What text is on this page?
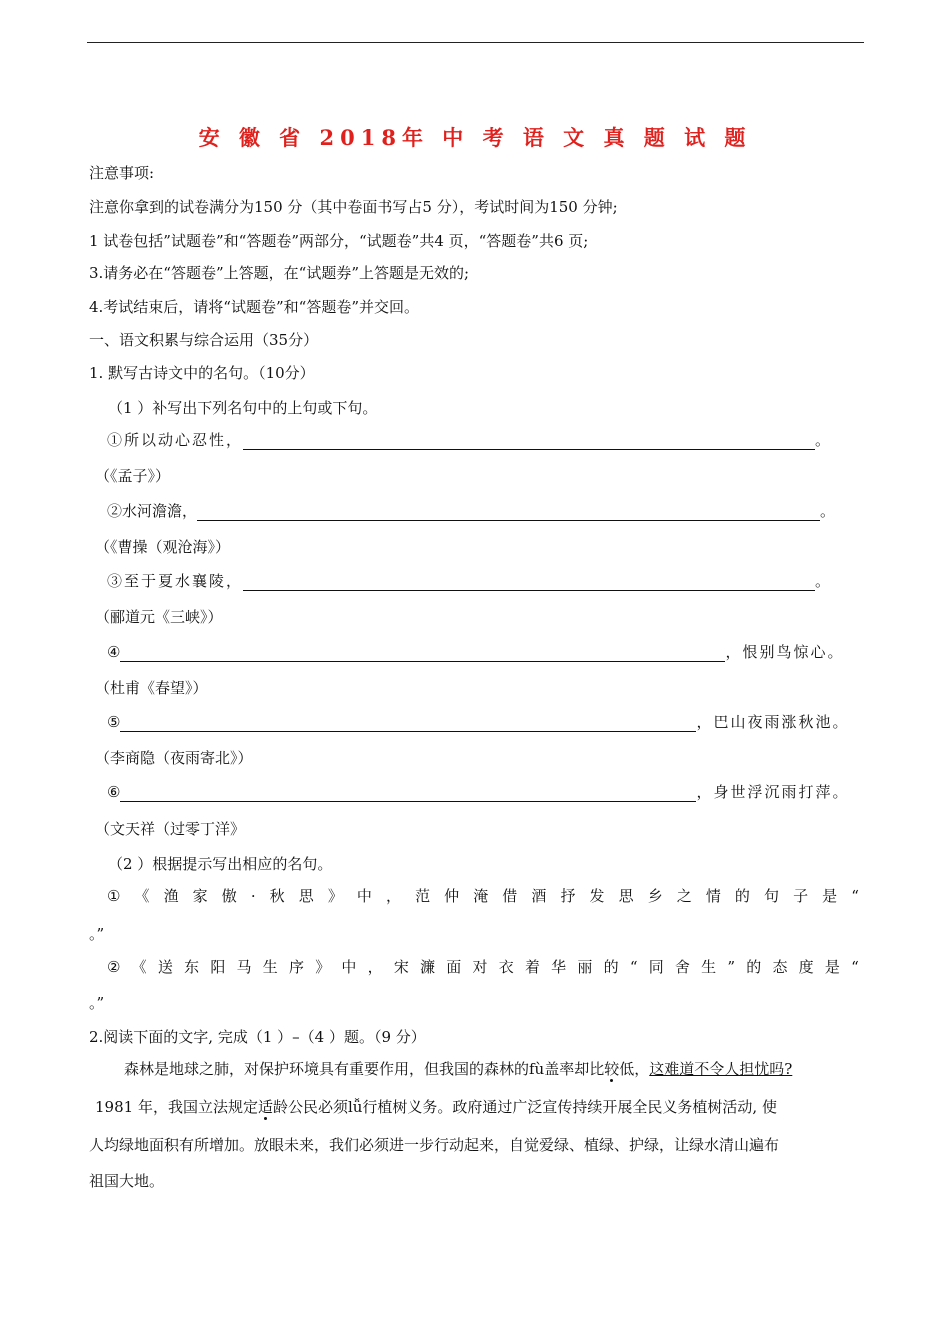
安 徽 省 2018年 中 考 语 文 真 题 试 题
注意事项:
注意你拿到的试卷满分为150 分（其中卷面书写占5 分），考试时间为150 分钟;
1 试卷包括”试题卷”和“答题卷”两部分，“试题卷”共4 页，“答题卷”共6 页;
3.请务必在“答题卷”上答题，在“试题券”上答题是无效的;
4.考试结束后，请将“试题卷”和“答题卷”并交回。
一、语文积累与综合运用（35分）
1. 默写古诗文中的名句。（10分）
（1 ）补写出下列名句中的上句或下句。
①所以动心忍性，	。
（《孟子》）
②水河澹澹，	。
（《曹操（观沧海》）
③至于夏水襄陵，	。
（郦道元《三峡》）
④	，恨别鸟惊心。
（杜甫《春望》）
⑤	，巴山夜雨涨秋池。
（李商隐（夜雨寄北》）
⑥	，身世浮沉雨打萍。
（文天祥（过零丁洋》
（2 ）根据提示写出相应的名句。
① 《 渔 家 傲 · 秋 思 》 中 ， 范 仲 淹 借 酒 抒 发 思 乡 之 情 的 句 子 是 “
。”
② 《 送 东 阳 马 生 序 》 中 ， 宋 濂 面 对 衣 着 华 丽 的 “ 同 舍 生 ” 的 态 度 是 “
。”
2.阅读下面的文字, 完成（1 ）–（4 ）题。（9 分）
森林是地球之肺，对保护环境具有重要作用，但我国的森林的fù盖率却比较低，这难道不令人担忧吗?
1981 年，我国立法规定适龄公民必须lǚ行植树义务。政府通过广泛宣传持续开展全民义务植树活动, 使
人均绿地面积有所增加。放眼未来，我们必须进一步行动起来，自觉爱绿、植绿、护绿，让绿水清山遍布
祖国大地。
